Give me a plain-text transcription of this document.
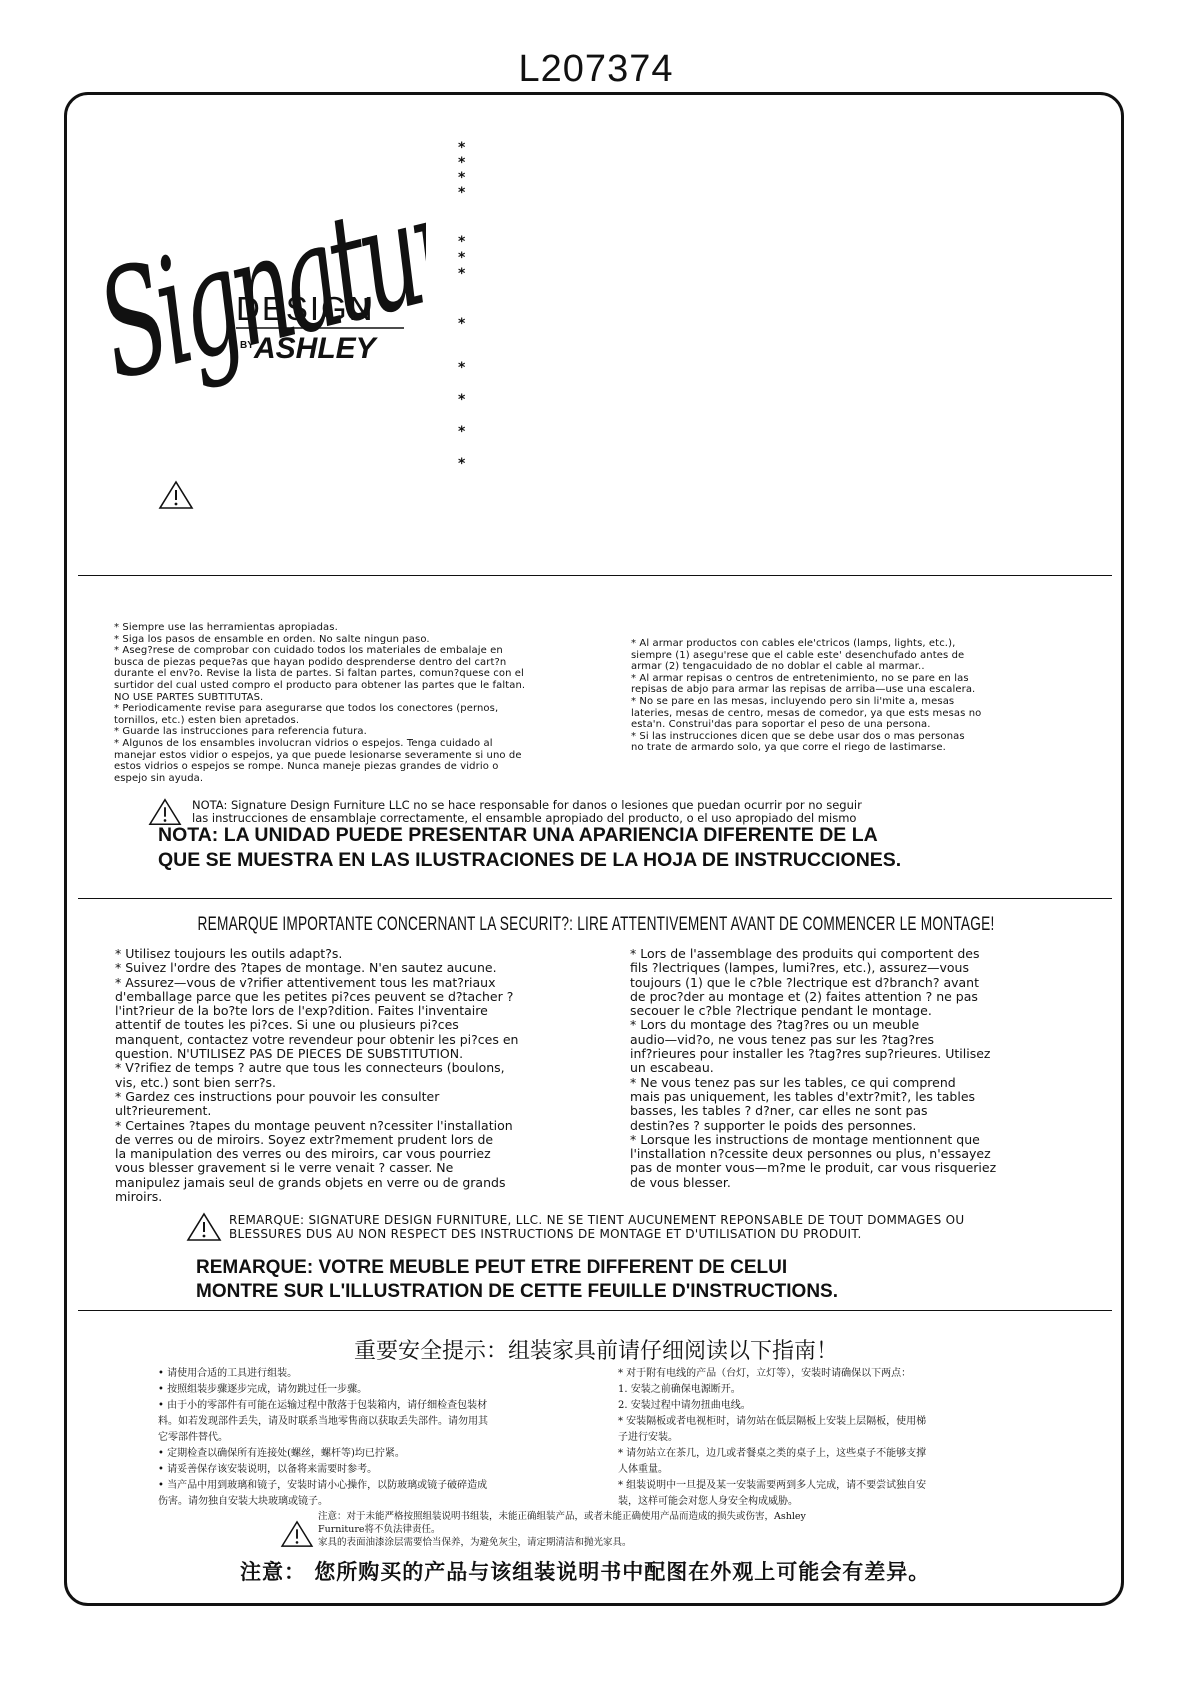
L207374
Signature
DESIGN
BY ASHLEY
*
*
*
*
*
*
*
*
*
*
*
*
* Siempre use las herramientas apropiadas.
* Siga los pasos de ensamble en orden. No salte ningun paso.
* Aseg?rese de comprobar con cuidado todos los materiales de embalaje en
busca de piezas peque?as que hayan podido desprenderse dentro del cart?n
durante el env?o. Revise la lista de partes. Si faltan partes, comun?quese con el
surtidor del cual usted compro el producto para obtener las partes que le faltan.
NO USE PARTES SUBTITUTAS.
* Periodicamente revise para asegurarse que todos los conectores (pernos,
tornillos, etc.) esten bien apretados.
* Guarde las instrucciones para referencia futura.
* Algunos de los ensambles involucran vidrios o espejos. Tenga cuidado al
manejar estos vidior o espejos, ya que puede lesionarse severamente si uno de
estos vidrios o espejos se rompe. Nunca maneje piezas grandes de vidrio o
espejo sin ayuda.
* Al armar productos con cables ele'ctricos (lamps, lights, etc.),
siempre (1) asegu'rese que el cable este' desenchufado antes de
armar (2) tengacuidado de no doblar el cable al marmar..
* Al armar repisas o centros de entretenimiento, no se pare en las
repisas de abjo para armar las repisas de arriba—use una escalera.
* No se pare en las mesas, incluyendo pero sin li'mite a, mesas
lateries, mesas de centro, mesas de comedor, ya que ests mesas no
esta'n. Construi'das para soportar el peso de una persona.
* Si las instrucciones dicen que se debe usar dos o mas personas
no trate de armardo solo, ya que corre el riego de lastimarse.
NOTA: Signature Design Furniture LLC no se hace responsable for danos o lesiones que puedan ocurrir por no seguir
las instrucciones de ensamblaje correctamente, el ensamble apropiado del producto, o el uso apropiado del mismo
NOTA: LA UNIDAD PUEDE PRESENTAR UNA APARIENCIA DIFERENTE DE LA
QUE SE MUESTRA EN LAS ILUSTRACIONES DE LA HOJA DE INSTRUCCIONES.
REMARQUE IMPORTANTE CONCERNANT LA SECURIT?: LIRE ATTENTIVEMENT AVANT DE COMMENCER LE MONTAGE!
* Utilisez toujours les outils adapt?s.
* Suivez l'ordre des ?tapes de montage. N'en sautez aucune.
* Assurez—vous de v?rifier attentivement tous les mat?riaux
d'emballage parce que les petites pi?ces peuvent se d?tacher ?
l'int?rieur de la bo?te lors de l'exp?dition. Faites l'inventaire
attentif de toutes les pi?ces. Si une ou plusieurs pi?ces
manquent, contactez votre revendeur pour obtenir les pi?ces en
question. N'UTILISEZ PAS DE PIECES DE SUBSTITUTION.
* V?rifiez de temps ? autre que tous les connecteurs (boulons,
vis, etc.) sont bien serr?s.
* Gardez ces instructions pour pouvoir les consulter
ult?rieurement.
* Certaines ?tapes du montage peuvent n?cessiter l'installation
de verres ou de miroirs. Soyez extr?mement prudent lors de
la manipulation des verres ou des miroirs, car vous pourriez
vous blesser gravement si le verre venait ? casser. Ne
manipulez jamais seul de grands objets en verre ou de grands
miroirs.
* Lors de l'assemblage des produits qui comportent des
fils ?lectriques (lampes, lumi?res, etc.), assurez—vous
toujours (1) que le c?ble ?lectrique est d?branch? avant
de proc?der au montage et (2) faites attention ? ne pas
secouer le c?ble ?lectrique pendant le montage.
* Lors du montage des ?tag?res ou un meuble
audio—vid?o, ne vous tenez pas sur les ?tag?res
inf?rieures pour installer les ?tag?res sup?rieures. Utilisez
un escabeau.
* Ne vous tenez pas sur les tables, ce qui comprend
mais pas uniquement, les tables d'extr?mit?, les tables
basses, les tables ? d?ner, car elles ne sont pas
destin?es ? supporter le poids des personnes.
* Lorsque les instructions de montage mentionnent que
l'installation n?cessite deux personnes ou plus, n'essayez
pas de monter vous—m?me le produit, car vous risqueriez
de vous blesser.
REMARQUE: SIGNATURE DESIGN FURNITURE, LLC. NE SE TIENT AUCUNEMENT REPONSABLE DE TOUT DOMMAGES OU
BLESSURES DUS AU NON RESPECT DES INSTRUCTIONS DE MONTAGE ET D'UTILISATION DU PRODUIT.
REMARQUE: VOTRE MEUBLE PEUT ETRE DIFFERENT DE CELUI
MONTRE SUR L'ILLUSTRATION DE CETTE FEUILLE D'INSTRUCTIONS.
重要安全提示：组装家具前请仔细阅读以下指南！
• 请使用合适的工具进行组装。
• 按照组装步骤逐步完成，请勿跳过任一步骤。
• 由于小的零部件有可能在运输过程中散落于包装箱内，请仔细检查包装材
料。如若发现部件丢失，请及时联系当地零售商以获取丢失部件。请勿用其
它零部件替代。
• 定期检查以确保所有连接处(螺丝，螺杆等)均已拧紧。
• 请妥善保存该安装说明，以备将来需要时参考。
• 当产品中用到玻璃和镜子，安装时请小心操作，以防玻璃或镜子破碎造成
伤害。请勿独自安装大块玻璃或镜子。
* 对于附有电线的产品（台灯，立灯等），安装时请确保以下两点：
1. 安装之前确保电源断开。
2. 安装过程中请勿扭曲电线。
* 安装隔板或者电视柜时，请勿站在低层隔板上安装上层隔板，使用梯
子进行安装。
* 请勿站立在茶几，边几或者餐桌之类的桌子上，这些桌子不能够支撑
人体重量。
* 组装说明中一旦提及某一安装需要两到多人完成，请不要尝试独自安
装，这样可能会对您人身安全构成威胁。
注意：对于未能严格按照组装说明书组装，未能正确组装产品，或者未能正确使用产品而造成的损失或伤害，Ashley
Furniture将不负法律责任。
家具的表面油漆涂层需要恰当保养，为避免灰尘，请定期清洁和抛光家具。
注意： 您所购买的产品与该组装说明书中配图在外观上可能会有差异。
